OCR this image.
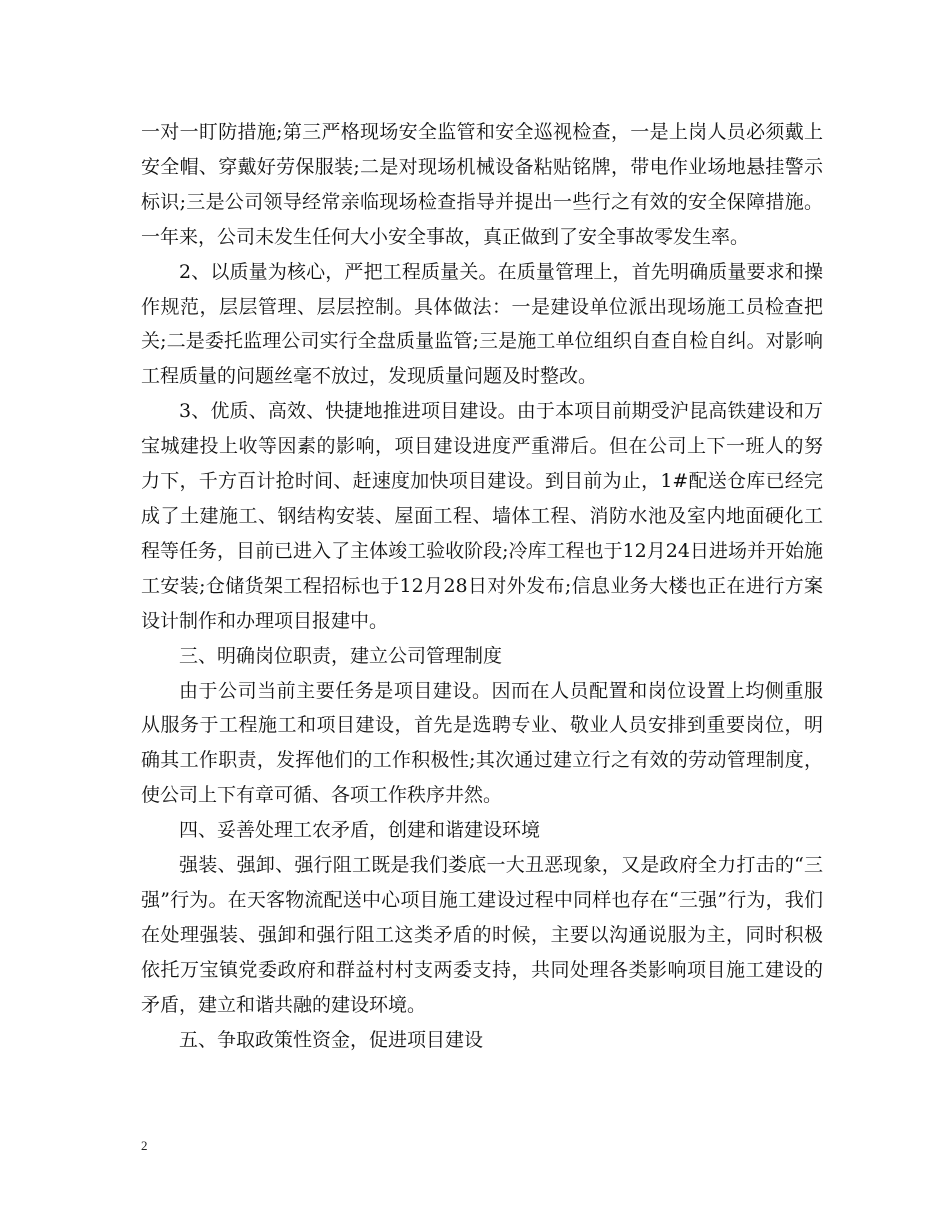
一对一盯防措施;第三严格现场安全监管和安全巡视检查，一是上岗人员必须戴上安全帽、穿戴好劳保服装;二是对现场机械设备粘贴铭牌，带电作业场地悬挂警示标识;三是公司领导经常亲临现场检查指导并提出一些行之有效的安全保障措施。一年来，公司未发生任何大小安全事故，真正做到了安全事故零发生率。

2、以质量为核心，严把工程质量关。在质量管理上，首先明确质量要求和操作规范，层层管理、层层控制。具体做法：一是建设单位派出现场施工员检查把关;二是委托监理公司实行全盘质量监管;三是施工单位组织自查自检自纠。对影响工程质量的问题丝毫不放过，发现质量问题及时整改。

3、优质、高效、快捷地推进项目建设。由于本项目前期受沪昆高铁建设和万宝城建投上收等因素的影响，项目建设进度严重滞后。但在公司上下一班人的努力下，千方百计抢时间、赶速度加快项目建设。到目前为止，1#配送仓库已经完成了土建施工、钢结构安装、屋面工程、墙体工程、消防水池及室内地面硬化工程等任务，目前已进入了主体竣工验收阶段;冷库工程也于12月24日进场并开始施工安装;仓储货架工程招标也于12月28日对外发布;信息业务大楼也正在进行方案设计制作和办理项目报建中。

三、明确岗位职责，建立公司管理制度

由于公司当前主要任务是项目建设。因而在人员配置和岗位设置上均侧重服从服务于工程施工和项目建设，首先是选聘专业、敬业人员安排到重要岗位，明确其工作职责，发挥他们的工作积极性;其次通过建立行之有效的劳动管理制度，使公司上下有章可循、各项工作秩序井然。

四、妥善处理工农矛盾，创建和谐建设环境

强装、强卸、强行阻工既是我们娄底一大丑恶现象，又是政府全力打击的“三强”行为。在天客物流配送中心项目施工建设过程中同样也存在“三强”行为，我们在处理强装、强卸和强行阻工这类矛盾的时候，主要以沟通说服为主，同时积极依托万宝镇党委政府和群益村村支两委支持，共同处理各类影响项目施工建设的矛盾，建立和谐共融的建设环境。

五、争取政策性资金，促进项目建设

2
